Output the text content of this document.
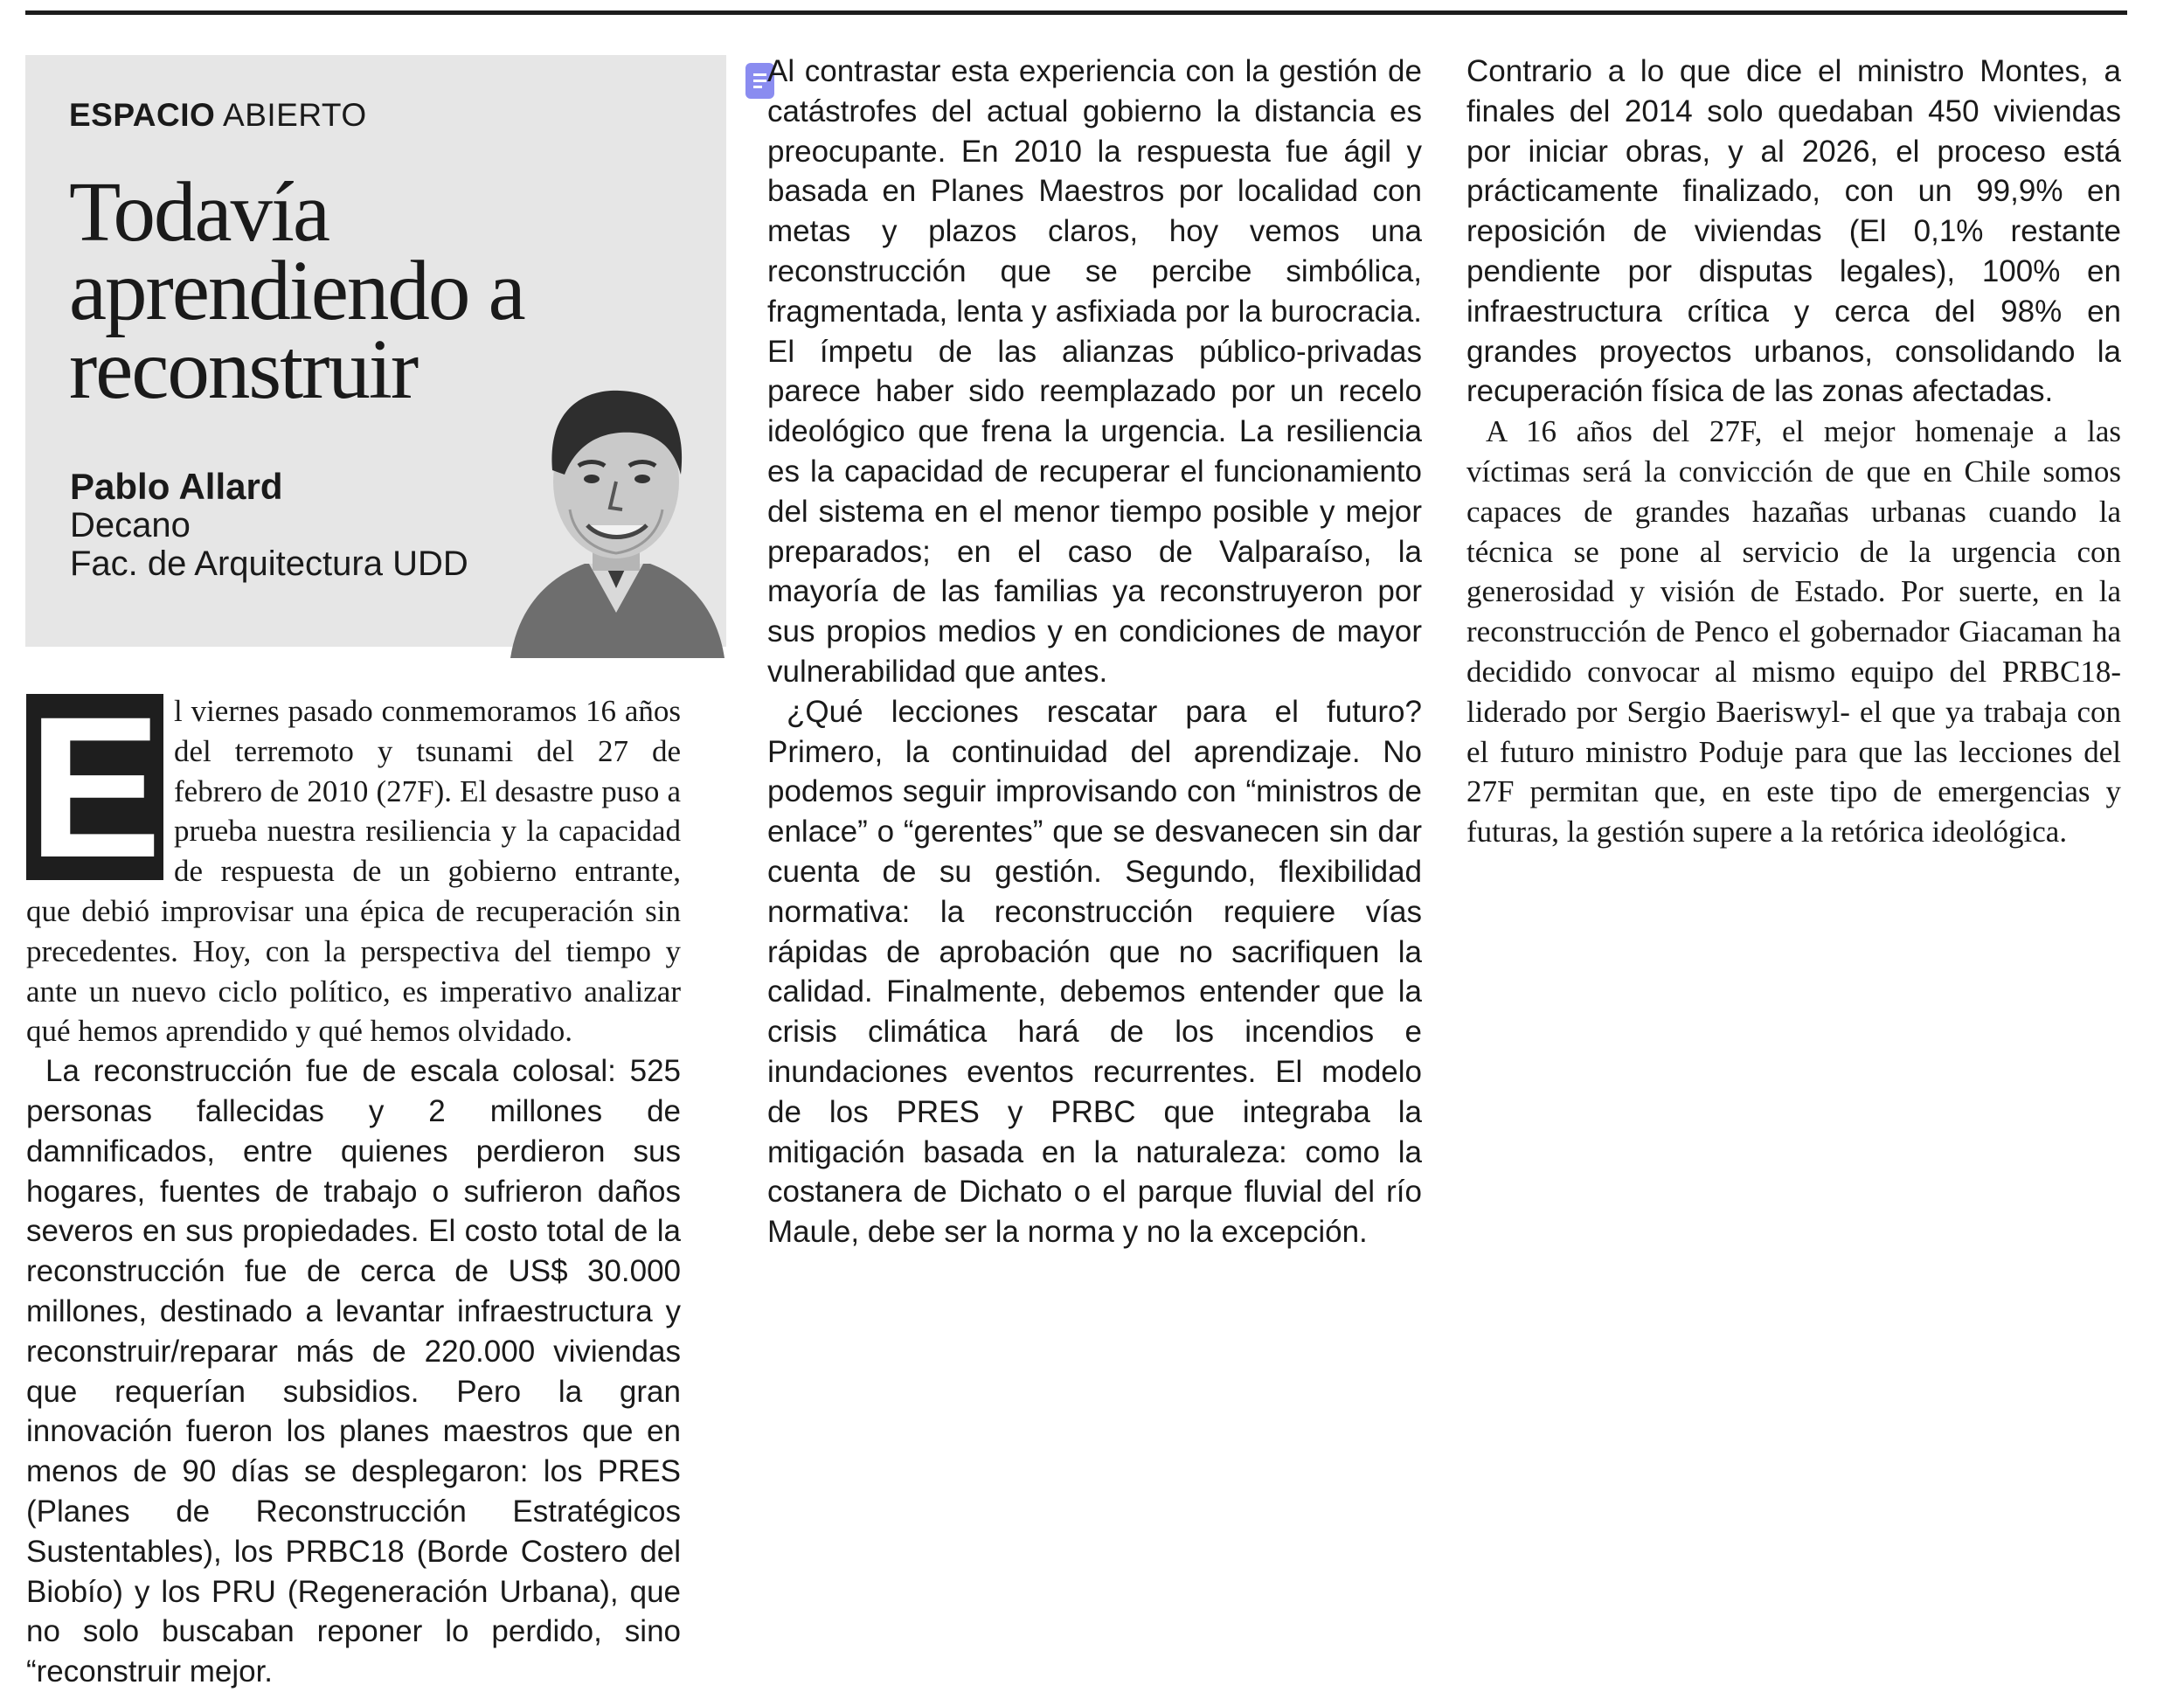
ESPACIO ABIERTO
Todavía aprendiendo a reconstruir
Pablo Allard
Decano
Fac. de Arquitectura UDD

E l viernes pasado conmemoramos 16 años del terremoto y tsunami del 27 de febrero de 2010 (27F). El desastre puso a prueba nuestra resiliencia y la capacidad de respuesta de un gobierno entrante, que debió improvisar una épica de recuperación sin precedentes. Hoy, con la perspectiva del tiempo y ante un nuevo ciclo político, es imperativo analizar qué hemos aprendido y qué hemos olvidado.

La reconstrucción fue de escala colosal: 525 personas fallecidas y 2 millones de damnificados, entre quienes perdieron sus hogares, fuentes de trabajo o sufrieron daños severos en sus propiedades. El costo total de la reconstrucción fue de cerca de US$ 30.000 millones, destinado a levantar infraestructura y reconstruir/reparar más de 220.000 viviendas que requerían subsidios. Pero la gran innovación fueron los planes maestros que en menos de 90 días se desplegaron: los PRES (Planes de Reconstrucción Estratégicos Sustentables), los PRBC18 (Borde Costero del Biobío) y los PRU (Regeneración Urbana), que no solo buscaban reponer lo perdido, sino “reconstruir mejor.

Al contrastar esta experiencia con la gestión de catástrofes del actual gobierno la distancia es preocupante. En 2010 la respuesta fue ágil y basada en Planes Maestros por localidad con metas y plazos claros, hoy vemos una reconstrucción que se percibe simbólica, fragmentada, lenta y asfixiada por la burocracia. El ímpetu de las alianzas público-privadas parece haber sido reemplazado por un recelo ideológico que frena la urgencia. La resiliencia es la capacidad de recuperar el funcionamiento del sistema en el menor tiempo posible y mejor preparados; en el caso de Valparaíso, la mayoría de las familias ya reconstruyeron por sus propios medios y en condiciones de mayor vulnerabilidad que antes.

¿Qué lecciones rescatar para el futuro? Primero, la continuidad del aprendizaje. No podemos seguir improvisando con “ministros de enlace” o “gerentes” que se desvanecen sin dar cuenta de su gestión. Segundo, flexibilidad normativa: la reconstrucción requiere vías rápidas de aprobación que no sacrifiquen la calidad. Finalmente, debemos entender que la crisis climática hará de los incendios e inundaciones eventos recurrentes. El modelo de los PRES y PRBC que integraba la mitigación basada en la naturaleza: como la costanera de Dichato o el parque fluvial del río Maule, debe ser la norma y no la excepción.

Contrario a lo que dice el ministro Montes, a finales del 2014 solo quedaban 450 viviendas por iniciar obras, y al 2026, el proceso está prácticamente finalizado, con un 99,9% en reposición de viviendas (El 0,1% restante pendiente por disputas legales), 100% en infraestructura crítica y cerca del 98% en grandes proyectos urbanos, consolidando la recuperación física de las zonas afectadas.

A 16 años del 27F, el mejor homenaje a las víctimas será la convicción de que en Chile somos capaces de grandes hazañas urbanas cuando la técnica se pone al servicio de la urgencia con generosidad y visión de Estado. Por suerte, en la reconstrucción de Penco el gobernador Giacaman ha decidido convocar al mismo equipo del PRBC18- liderado por Sergio Baeriswyl- el que ya trabaja con el futuro ministro Poduje para que las lecciones del 27F permitan que, en este tipo de emergencias y futuras, la gestión supere a la retórica ideológica.
